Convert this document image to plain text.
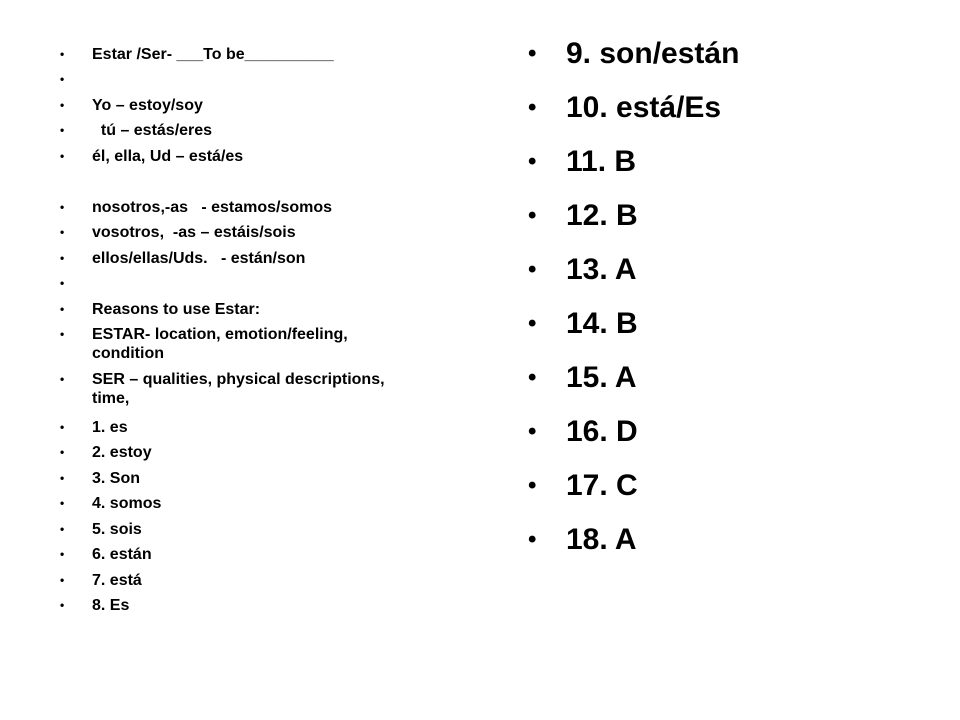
• Estar /Ser- ___To be__________
•
• Yo – estoy/soy
• tú – estás/eres
• él, ella, Ud – está/es
• nosotros,-as   - estamos/somos
• vosotros,  -as – estáis/sois
• ellos/ellas/Uds.   - están/son
•
• Reasons to use Estar:
• ESTAR- location, emotion/feeling, condition
• SER – qualities, physical descriptions, time,
• 1. es
• 2. estoy
• 3. Son
• 4. somos
• 5. sois
• 6. están
• 7. está
• 8. Es
• 9. son/están
• 10. está/Es
• 11. B
• 12. B
• 13. A
• 14. B
• 15. A
• 16. D
• 17. C
• 18. A
